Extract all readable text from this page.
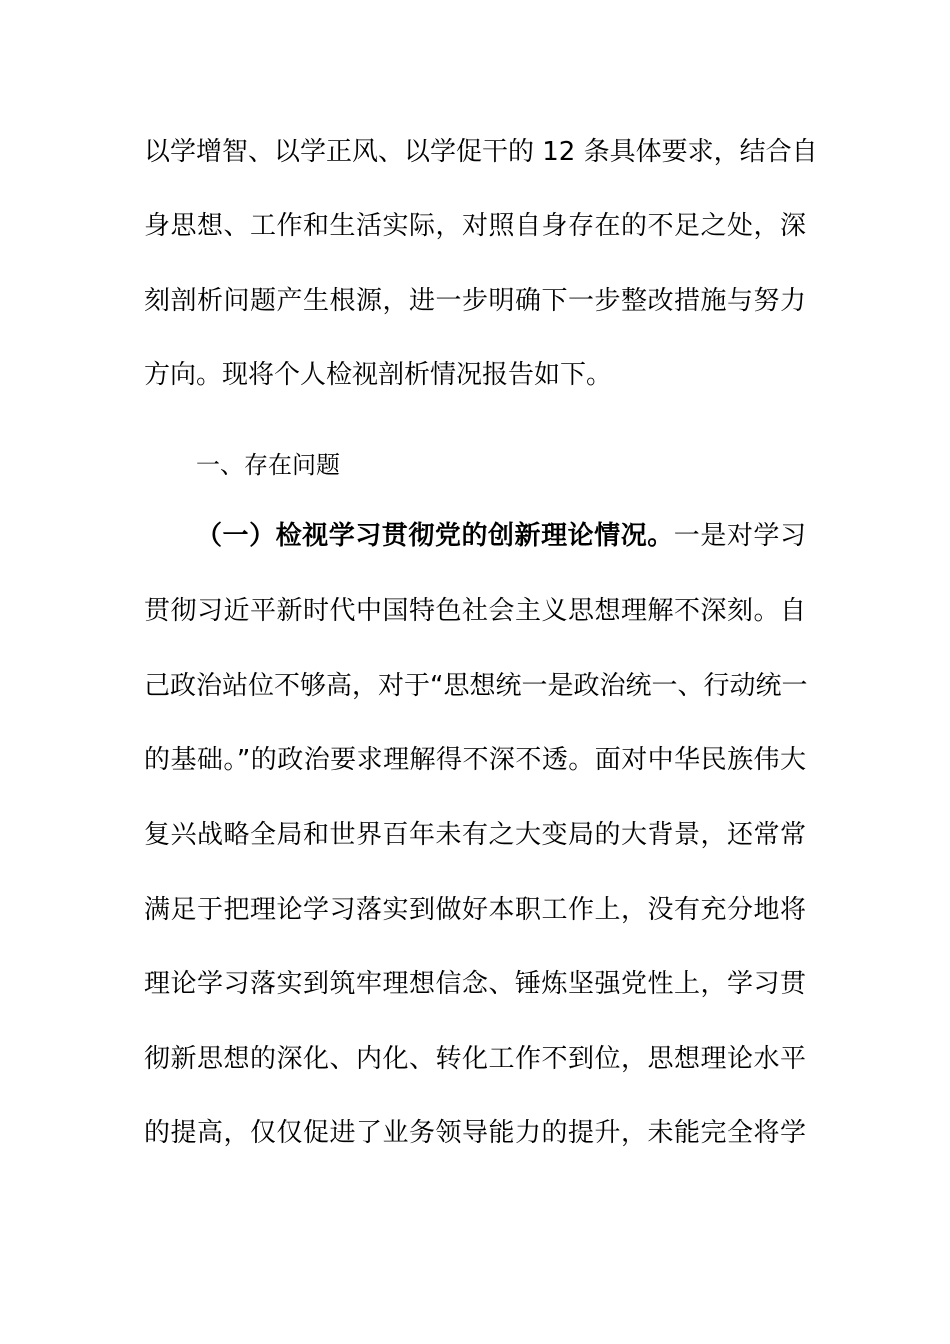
以学增智、以学正风、以学促干的 12 条具体要求，结合自
身思想、工作和生活实际，对照自身存在的不足之处，深
刻剖析问题产生根源，进一步明确下一步整改措施与努力
方向。现将个人检视剖析情况报告如下。
一、存在问题
（一）检视学习贯彻党的创新理论情况。一是对学习
贯彻习近平新时代中国特色社会主义思想理解不深刻。自
己政治站位不够高，对于“思想统一是政治统一、行动统一
的基础。”的政治要求理解得不深不透。面对中华民族伟大
复兴战略全局和世界百年未有之大变局的大背景，还常常
满足于把理论学习落实到做好本职工作上，没有充分地将
理论学习落实到筑牢理想信念、锤炼坚强党性上，学习贯
彻新思想的深化、内化、转化工作不到位，思想理论水平
的提高，仅仅促进了业务领导能力的提升，未能完全将学
